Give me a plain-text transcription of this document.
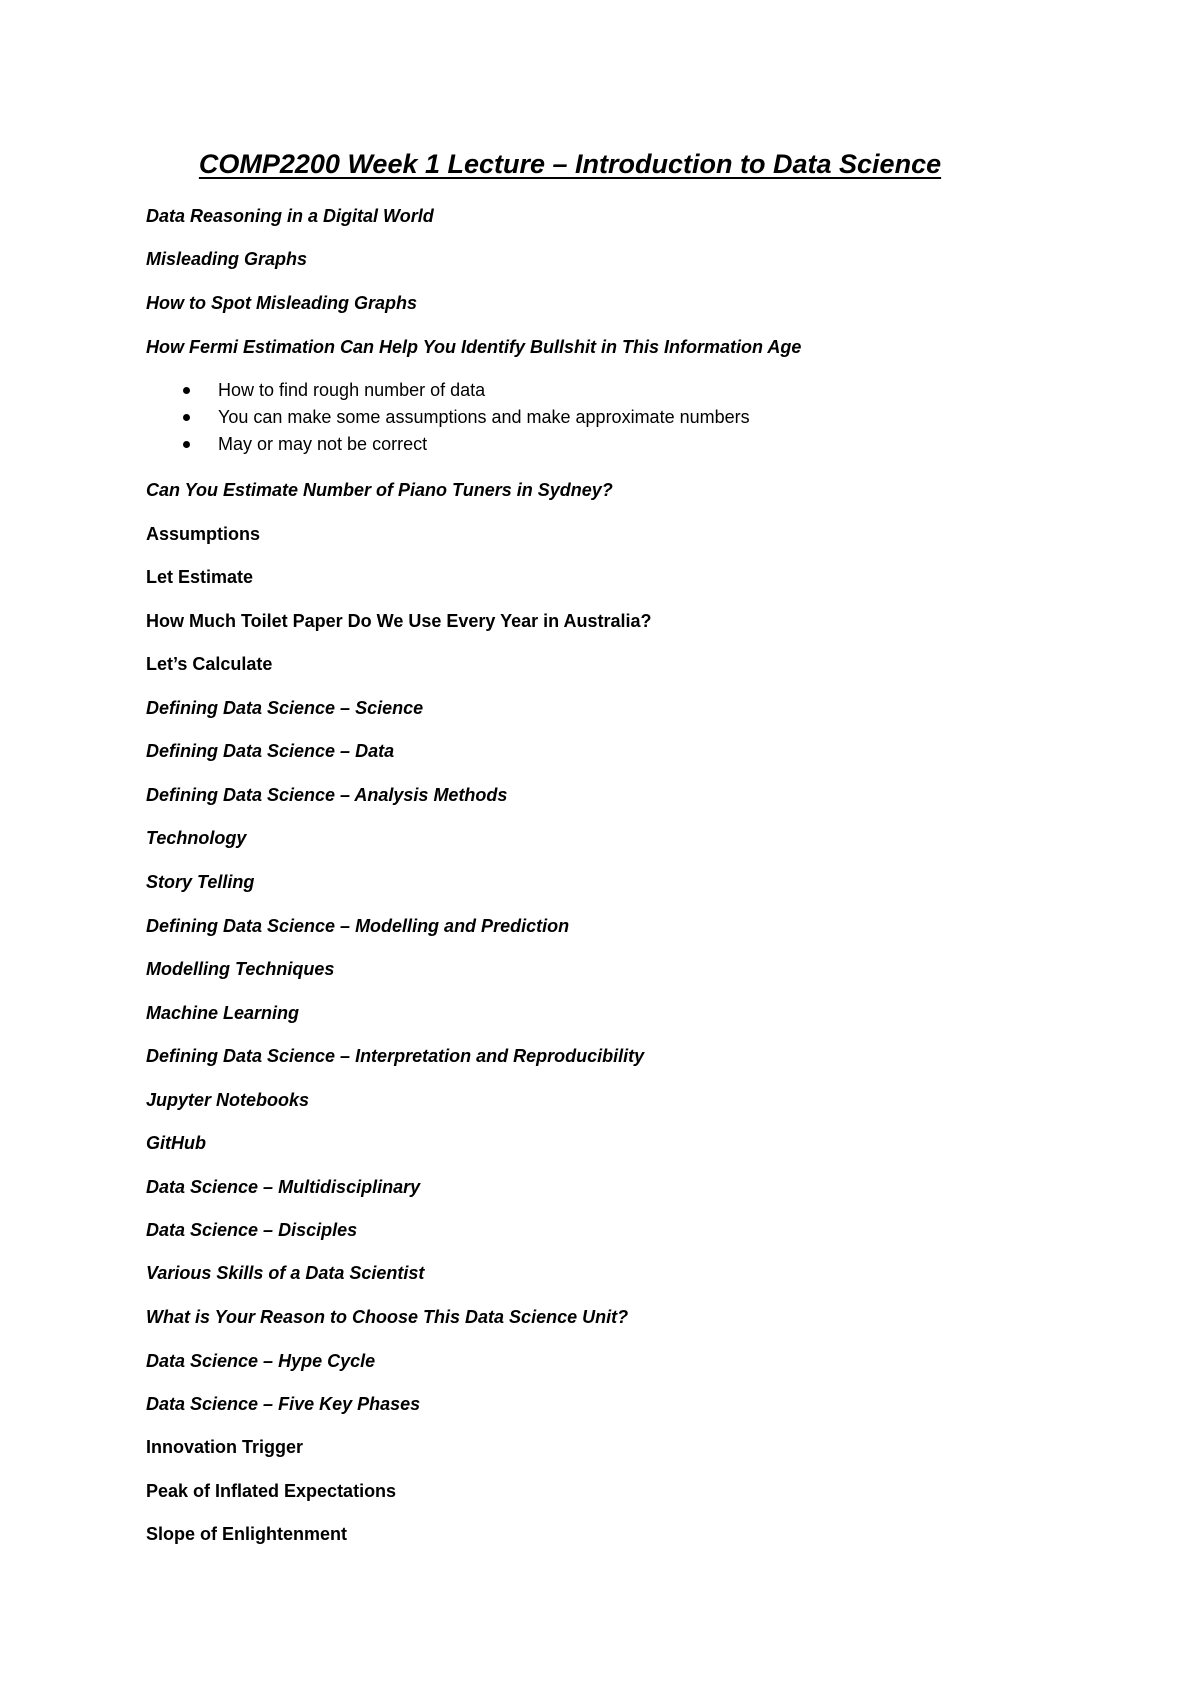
COMP2200 Week 1 Lecture – Introduction to Data Science
Data Reasoning in a Digital World
Misleading Graphs
How to Spot Misleading Graphs
How Fermi Estimation Can Help You Identify Bullshit in This Information Age
How to find rough number of data
You can make some assumptions and make approximate numbers
May or may not be correct
Can You Estimate Number of Piano Tuners in Sydney?
Assumptions
Let Estimate
How Much Toilet Paper Do We Use Every Year in Australia?
Let’s Calculate
Defining Data Science – Science
Defining Data Science – Data
Defining Data Science – Analysis Methods
Technology
Story Telling
Defining Data Science – Modelling and Prediction
Modelling Techniques
Machine Learning
Defining Data Science – Interpretation and Reproducibility
Jupyter Notebooks
GitHub
Data Science – Multidisciplinary
Data Science – Disciples
Various Skills of a Data Scientist
What is Your Reason to Choose This Data Science Unit?
Data Science – Hype Cycle
Data Science – Five Key Phases
Innovation Trigger
Peak of Inflated Expectations
Slope of Enlightenment
